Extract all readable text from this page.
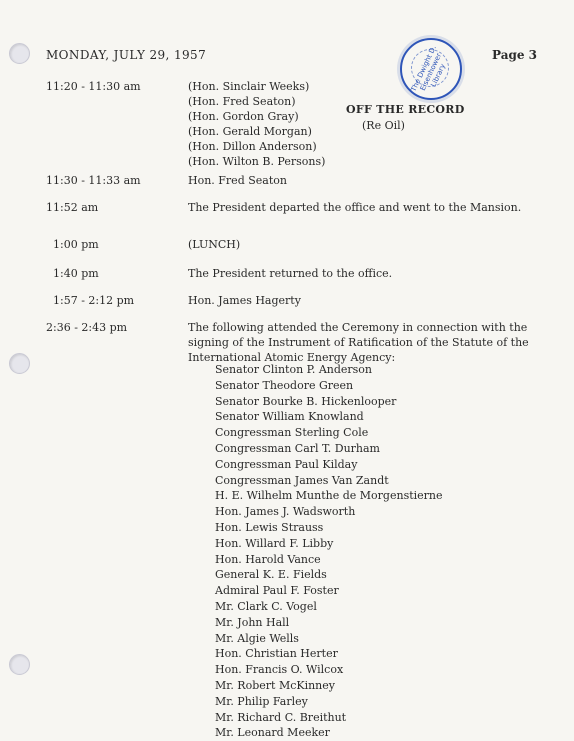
MONDAY, JULY 29, 1957	Page 3
The Dwight D. Eisenhower Library
11:20 - 11:30 am	(Hon. Sinclair Weeks)
(Hon. Fred Seaton)
(Hon. Gordon Gray)
(Hon. Gerald Morgan)
(Hon. Dillon Anderson)
(Hon. Wilton B. Persons)
OFF THE RECORD
(Re Oil)
11:30 - 11:33 am	Hon. Fred Seaton
11:52 am	The President departed the office and went to the Mansion.
1:00 pm	(LUNCH)
1:40 pm	The President returned to the office.
1:57 - 2:12 pm	Hon. James Hagerty
2:36 - 2:43 pm	The following attended the Ceremony in connection with the signing of the Instrument of Ratification of the Statute of the International Atomic Energy Agency:
Senator Clinton P. Anderson
Senator Theodore Green
Senator Bourke B. Hickenlooper
Senator William Knowland
Congressman Sterling Cole
Congressman Carl T. Durham
Congressman Paul Kilday
Congressman James Van Zandt
H. E. Wilhelm Munthe de Morgenstierne
Hon. James J. Wadsworth
Hon. Lewis Strauss
Hon. Willard F. Libby
Hon. Harold Vance
General K. E. Fields
Admiral Paul F. Foster
Mr. Clark C. Vogel
Mr. John Hall
Mr. Algie Wells
Hon. Christian Herter
Hon. Francis O. Wilcox
Mr. Robert McKinney
Mr. Philip Farley
Mr. Richard C. Breithut
Mr. Leonard Meeker
